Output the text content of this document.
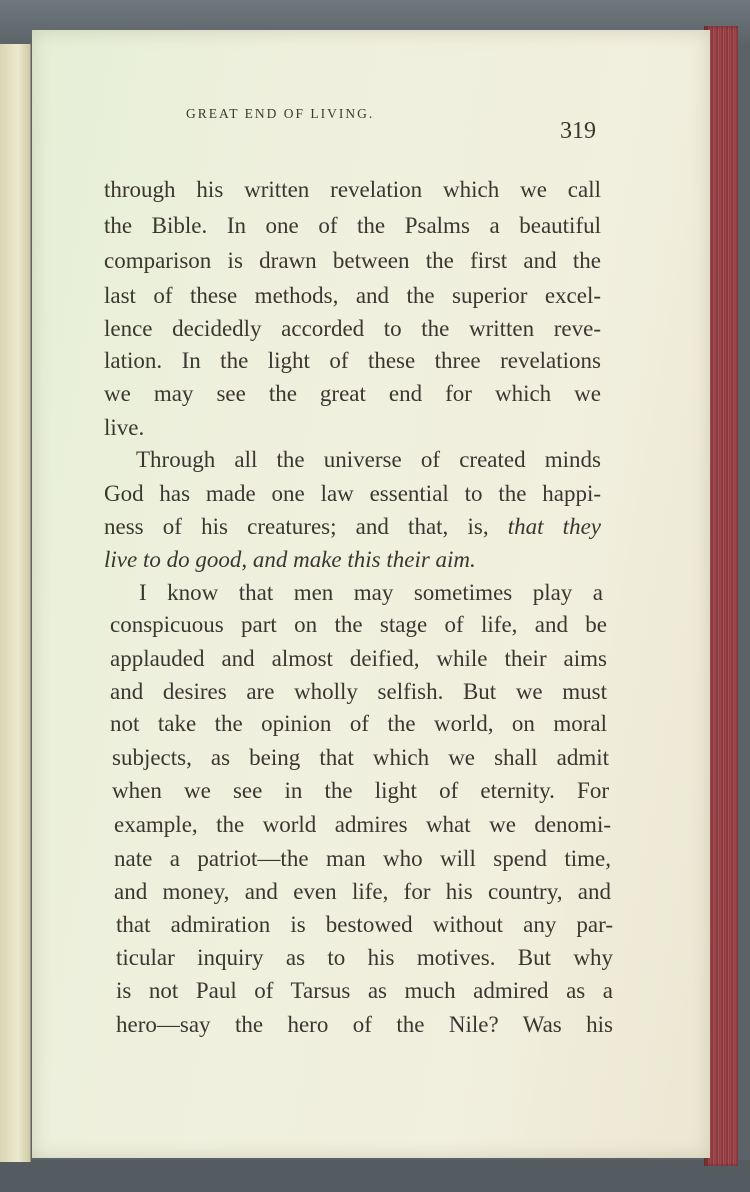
GREAT END OF LIVING.
319
through his written revelation which we call
the Bible. In one of the Psalms a beautiful
comparison is drawn between the first and the
last of these methods, and the superior excel-
lence decidedly accorded to the written reve-
lation. In the light of these three revelations
we may see the great end for which we
live.
Through all the universe of created minds
God has made one law essential to the happi-
ness of his creatures; and that, is, that they
live to do good, and make this their aim.
I know that men may sometimes play a
conspicuous part on the stage of life, and be
applauded and almost deified, while their aims
and desires are wholly selfish. But we must
not take the opinion of the world, on moral
subjects, as being that which we shall admit
when we see in the light of eternity. For
example, the world admires what we denomi-
nate a patriot—the man who will spend time,
and money, and even life, for his country, and
that admiration is bestowed without any par-
ticular inquiry as to his motives. But why
is not Paul of Tarsus as much admired as a
hero—say the hero of the Nile? Was his
